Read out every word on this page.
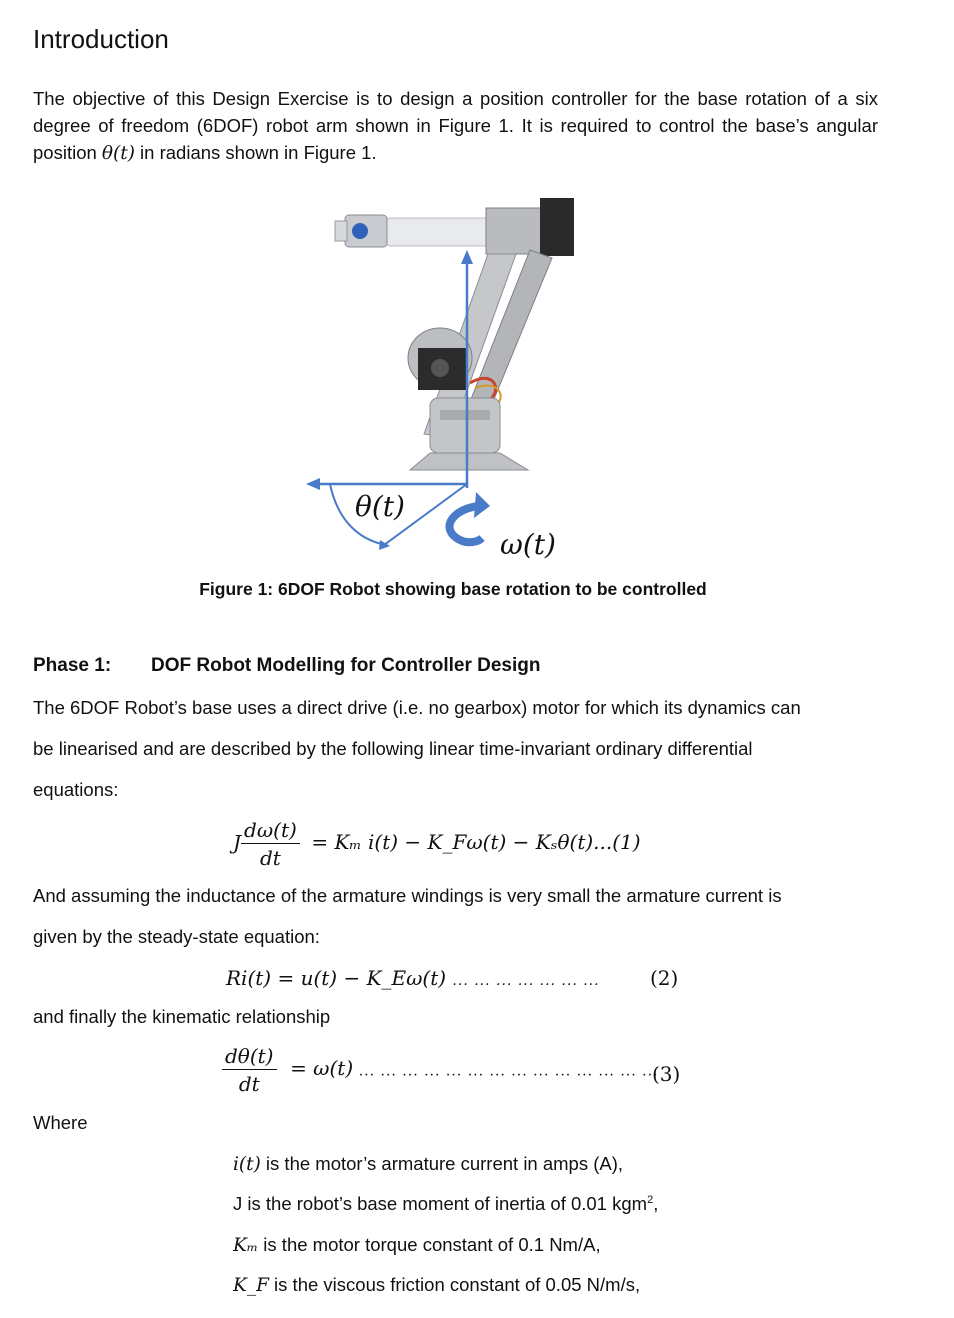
Introduction
The objective of this Design Exercise is to design a position controller for the base rotation of a six degree of freedom (6DOF) robot arm shown in Figure 1. It is required to control the base’s angular position θ(t) in radians shown in Figure 1.
θ(t)
ω(t)
Figure 1: 6DOF Robot showing base rotation to be controlled
Phase 1: DOF Robot Modelling for Controller Design
The 6DOF Robot’s base uses a direct drive (i.e. no gearbox) motor for which its dynamics can
be linearised and are described by the following linear time-invariant ordinary differential
equations:
J $\frac{d\omega(t)}{dt} = K_m$ i(t) − K_Fω(t) − Kₛθ(t)...(1)
And assuming the inductance of the armature windings is very small the armature current is
given by the steady-state equation:
Ri(t) = u(t) − K_Eω(t) ... ... ... ... ... ... ...	(2)
and finally the kinematic relationship
$\frac{d\theta(t)}{dt} = \omega(t)$ ... ... ... ... ... ... ... ... ... ... ... ... ... ...
(3)
Where
i(t) is the motor’s armature current in amps (A),
J is the robot’s base moment of inertia of 0.01 kgm$^2$,
Kₘ is the motor torque constant of 0.1 Nm/A,
K_F is the viscous friction constant of 0.05 N/m/s,
